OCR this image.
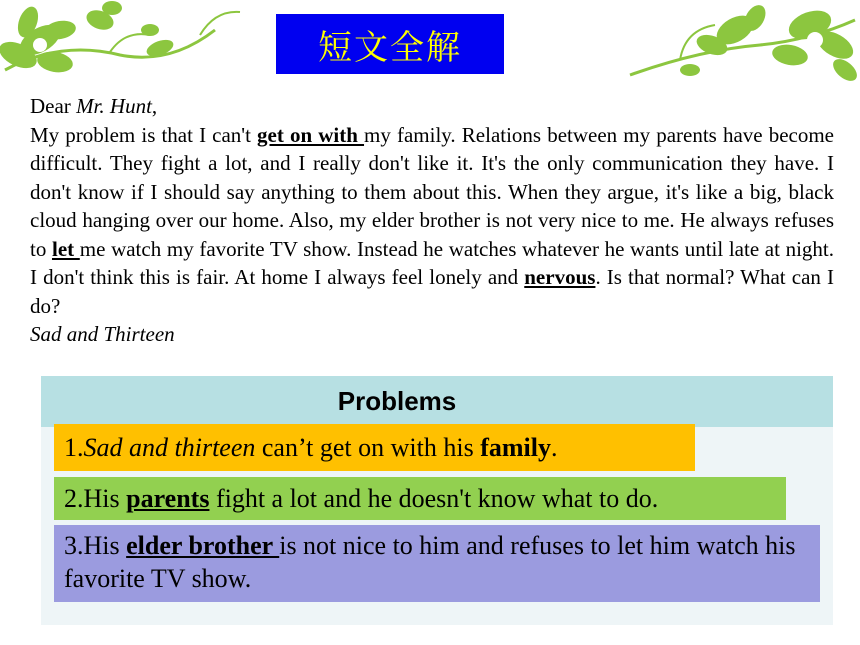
短文全解

Dear Mr. Hunt,

My problem is that I can't get on with my family. Relations between my parents have become difficult. They fight a lot, and I really don't like it. It's the only communication they have. I don't know if I should say anything to them about this. When they argue, it's like a big, black cloud hanging over our home. Also, my elder brother is not very nice to me. He always refuses to let me watch my favorite TV show. Instead he watches whatever he wants until late at night. I don't think this is fair. At home I always feel lonely and nervous. Is that normal? What can I do?

Sad and Thirteen

Problems
1.Sad and thirteen can’t get on with his family.
2.His parents fight a lot and he doesn't know what to do.
3.His elder brother is not nice to him and refuses to let him watch his favorite TV show.
